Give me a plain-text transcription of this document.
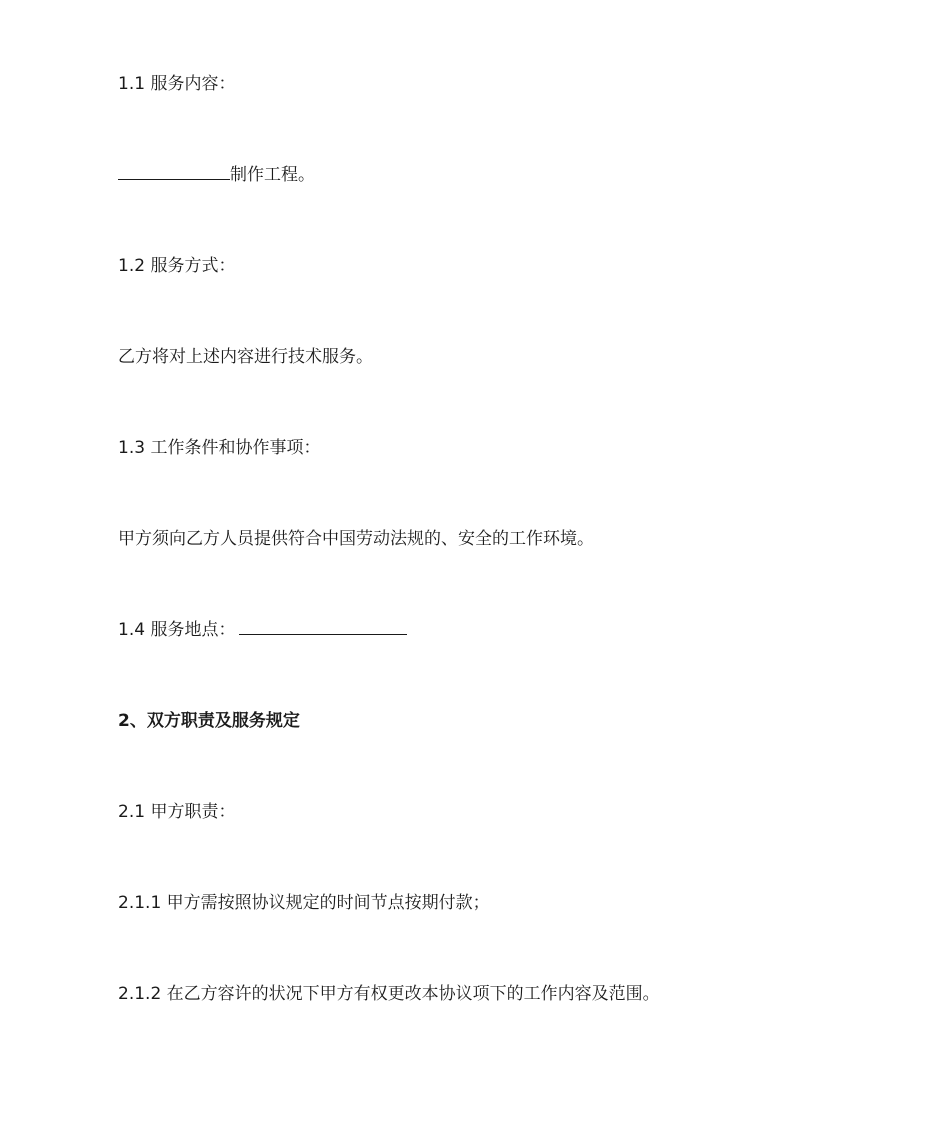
1.1 服务内容：
制作工程。
1.2 服务方式：
乙方将对上述内容进行技术服务。
1.3 工作条件和协作事项：
甲方须向乙方人员提供符合中国劳动法规的、安全的工作环境。
1.4 服务地点：
2、双方职责及服务规定
2.1 甲方职责：
2.1.1 甲方需按照协议规定的时间节点按期付款；
2.1.2 在乙方容许的状况下甲方有权更改本协议项下的工作内容及范围。
